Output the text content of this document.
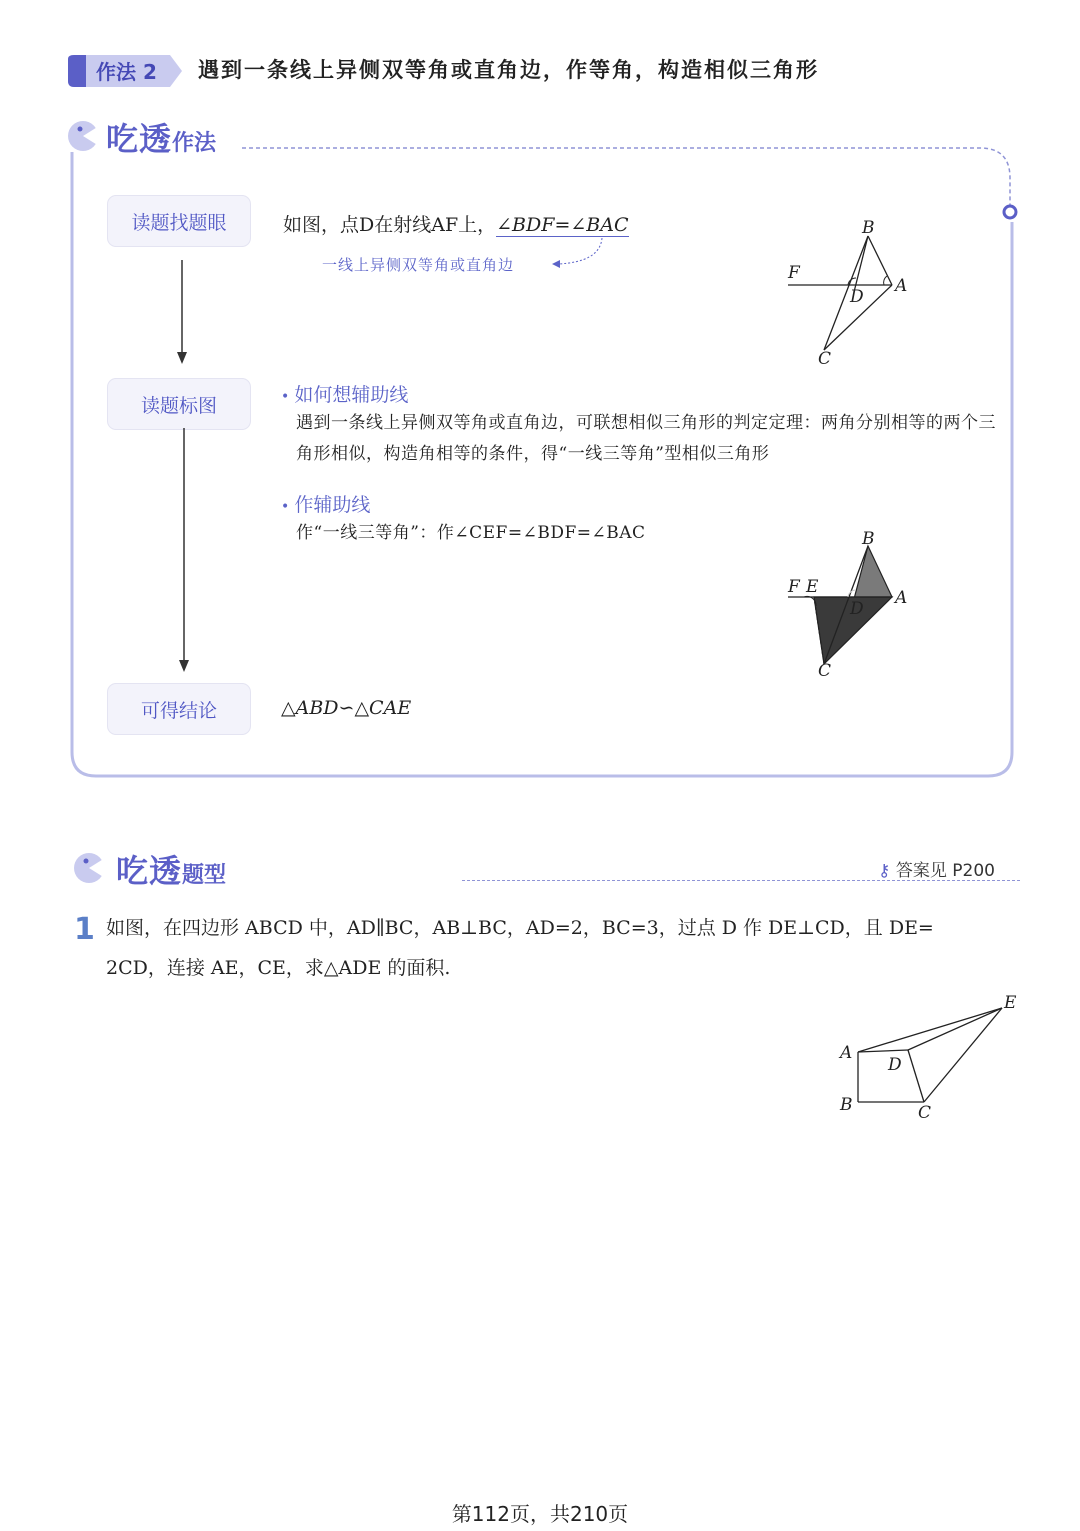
作法 2 遇到一条线上异侧双等角或直角边，作等角，构造相似三角形
吃透作法
读题找题眼
读题标图
可得结论
如图，点D在射线AF上，∠BDF=∠BAC
一线上异侧双等角或直角边
B
F
D
A
C
• 如何想辅助线
遇到一条线上异侧双等角或直角边，可联想相似三角形的判定定理：两角分别相等的两个三角形相似，构造角相等的条件，得“一线三等角”型相似三角形
• 作辅助线
作“一线三等角”：作∠CEF=∠BDF=∠BAC	B
F E
D
A
C
△ABD∽△CAE
吃透题型	⚷ 答案见 P200
1 如图，在四边形 ABCD 中，AD∥BC，AB⊥BC，AD=2，BC=3，过点 D 作 DE⊥CD，且 DE=
2CD，连接 AE，CE，求△ADE 的面积.
E
A
D
B	C
第112页，共210页
